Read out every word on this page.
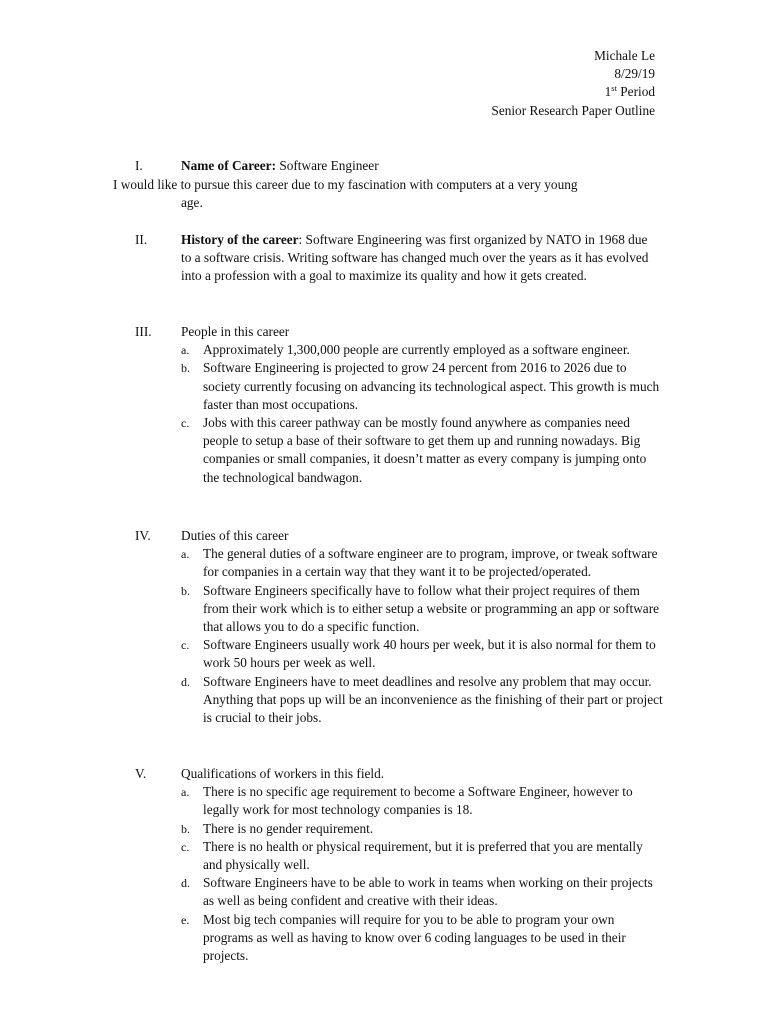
Michale Le
8/29/19
1st Period
Senior Research Paper Outline
I.	Name of Career: Software Engineer
I would like to pursue this career due to my fascination with computers at a very young
age.
II.	History of the career: Software Engineering was first organized by NATO in 1968 due to a software crisis. Writing software has changed much over the years as it has evolved into a profession with a goal to maximize its quality and how it gets created.
III. People in this career
a. Approximately 1,300,000 people are currently employed as a software engineer.
b. Software Engineering is projected to grow 24 percent from 2016 to 2026 due to society currently focusing on advancing its technological aspect. This growth is much faster than most occupations.
c. Jobs with this career pathway can be mostly found anywhere as companies need people to setup a base of their software to get them up and running nowadays. Big companies or small companies, it doesn’t matter as every company is jumping onto the technological bandwagon.
IV. Duties of this career
a. The general duties of a software engineer are to program, improve, or tweak software for companies in a certain way that they want it to be projected/operated.
b. Software Engineers specifically have to follow what their project requires of them from their work which is to either setup a website or programming an app or software that allows you to do a specific function.
c. Software Engineers usually work 40 hours per week, but it is also normal for them to work 50 hours per week as well.
d. Software Engineers have to meet deadlines and resolve any problem that may occur. Anything that pops up will be an inconvenience as the finishing of their part or project is crucial to their jobs.
V.	Qualifications of workers in this field.
a. There is no specific age requirement to become a Software Engineer, however to legally work for most technology companies is 18.
b. There is no gender requirement.
c. There is no health or physical requirement, but it is preferred that you are mentally and physically well.
d. Software Engineers have to be able to work in teams when working on their projects as well as being confident and creative with their ideas.
e. Most big tech companies will require for you to be able to program your own programs as well as having to know over 6 coding languages to be used in their projects.
